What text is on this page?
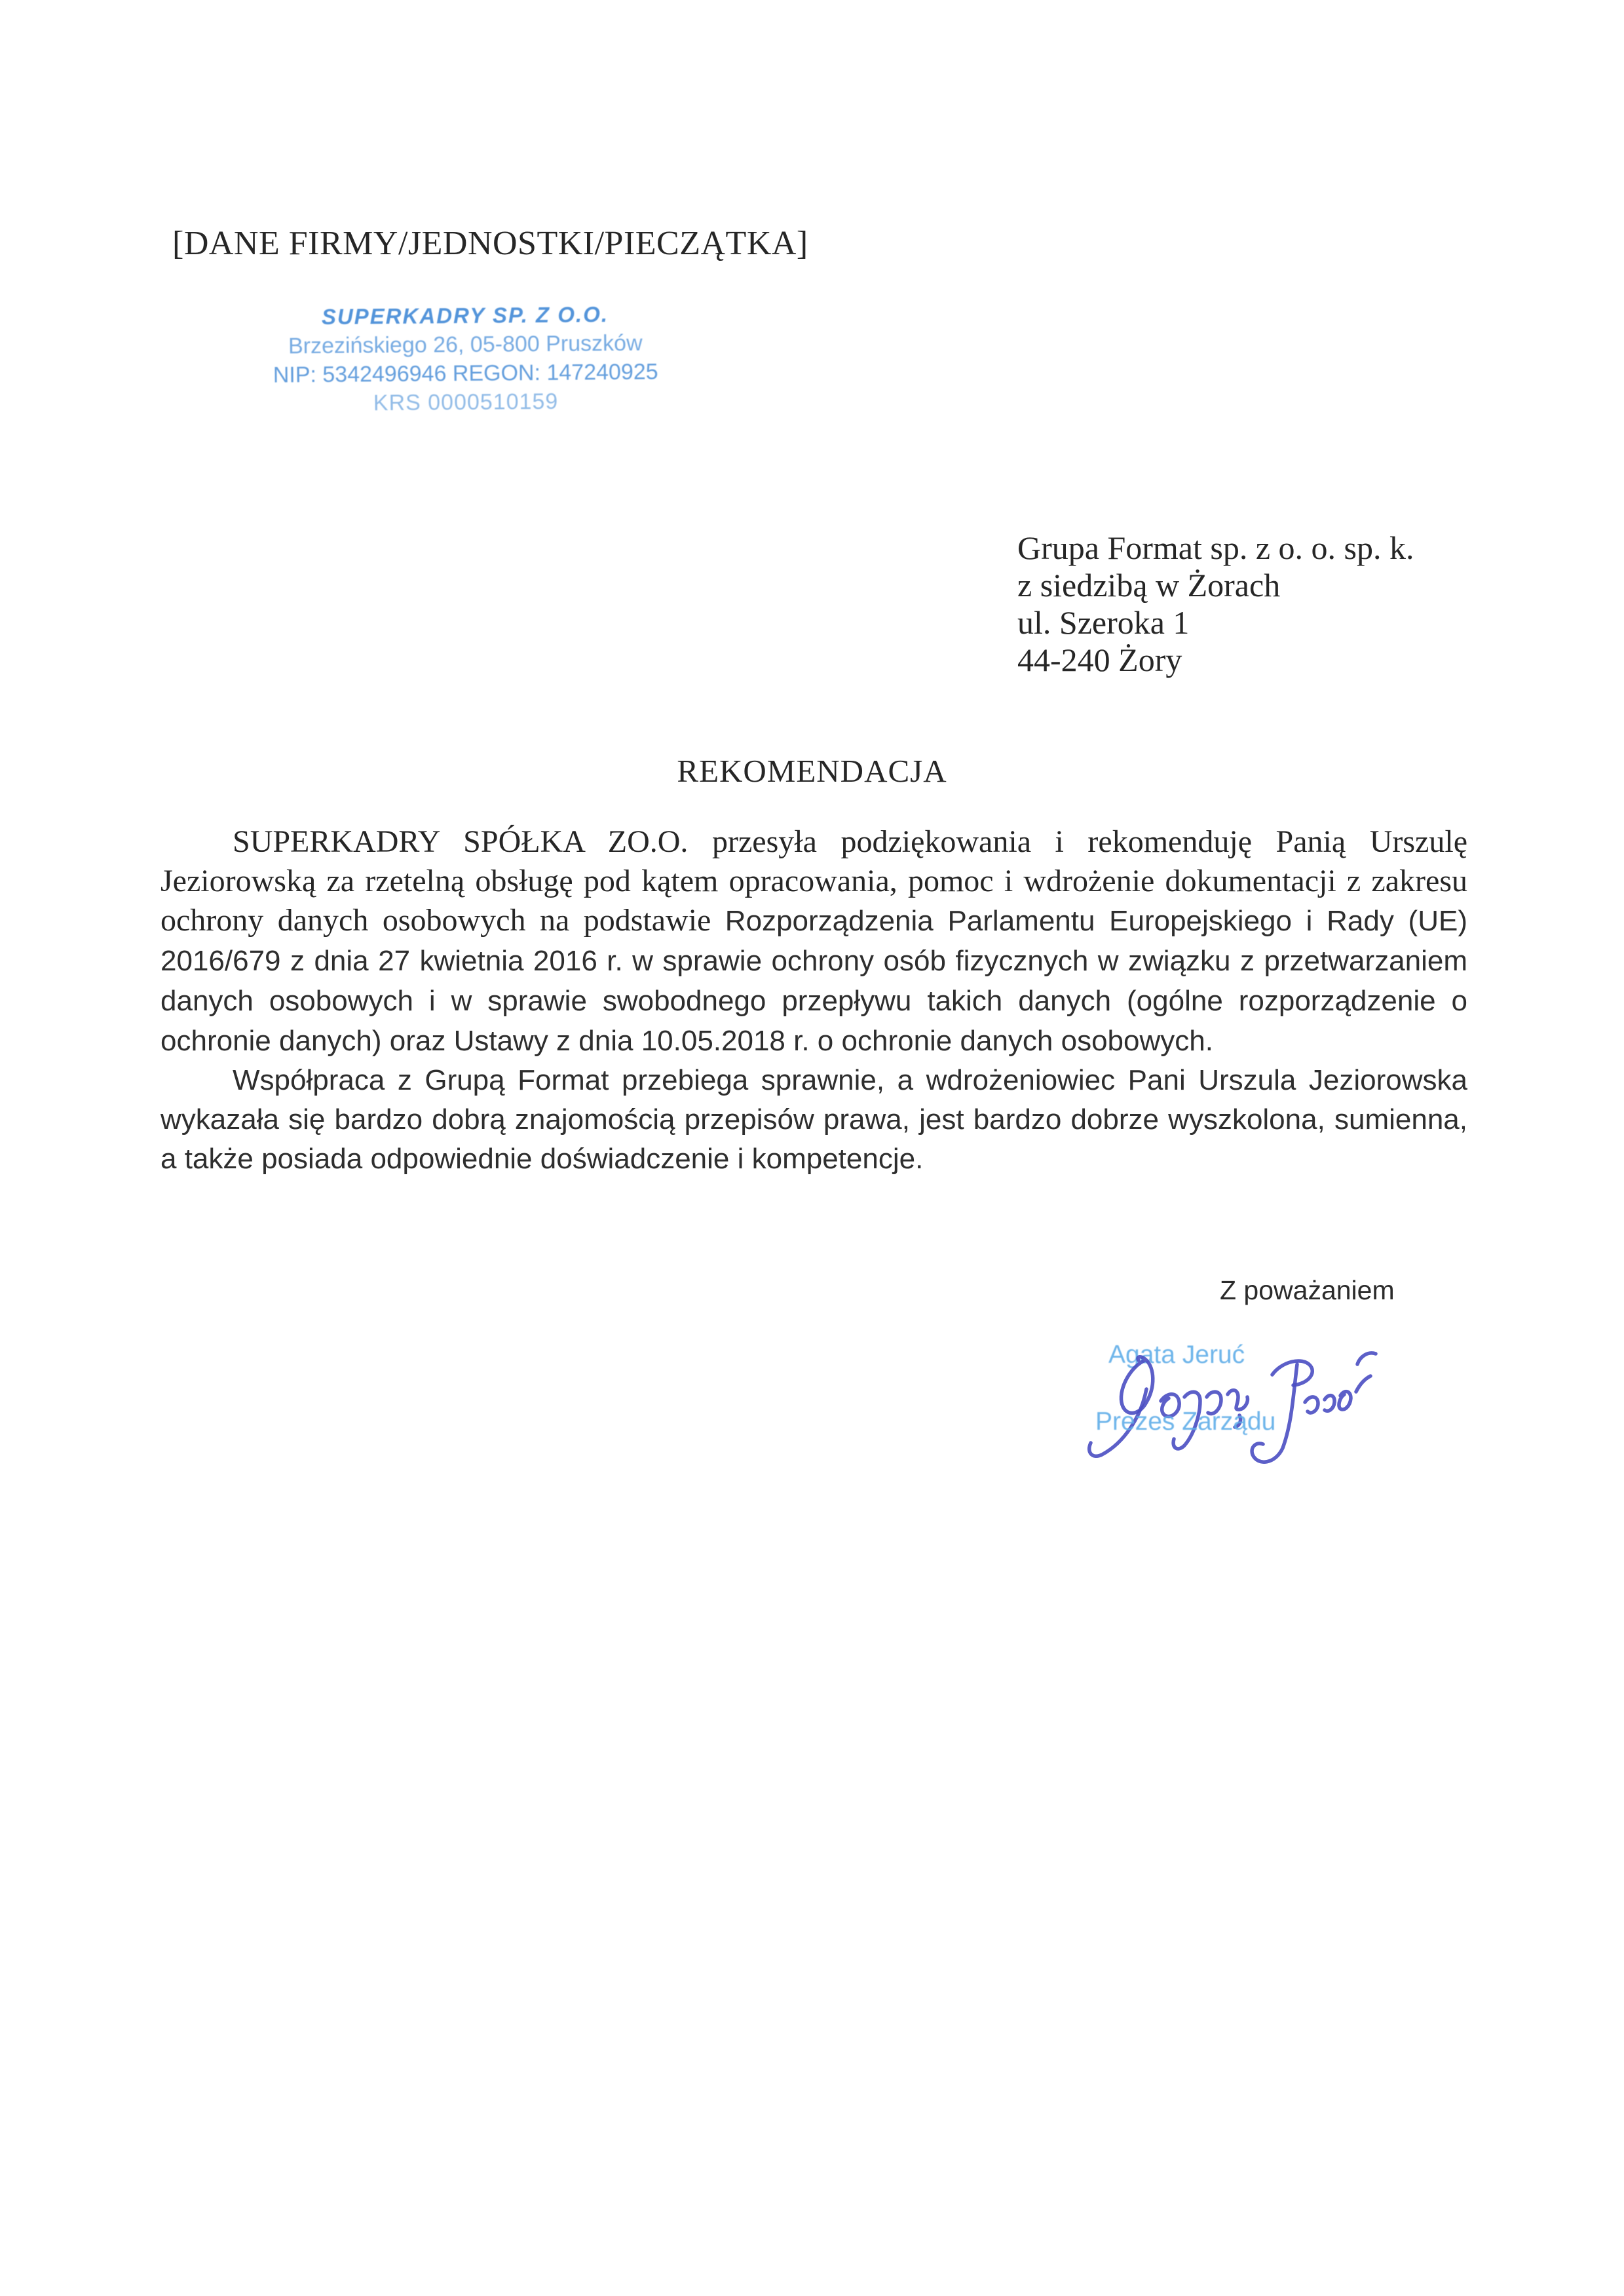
[DANE FIRMY/JEDNOSTKI/PIECZĄTKA]
SUPERKADRY SP. Z O.O.
Brzezińskiego 26, 05-800 Pruszków
NIP: 5342496946 REGON: 147240925
KRS 0000510159
Grupa Format sp. z o. o. sp. k.
z siedzibą w Żorach
ul. Szeroka 1
44-240 Żory
REKOMENDACJA

SUPERKADRY SPÓŁKA ZO.O. przesyła podziękowania i rekomenduję Panią Urszulę Jeziorowską za rzetelną obsługę pod kątem opracowania, pomoc i wdrożenie dokumentacji z zakresu ochrony danych osobowych na podstawie Rozporządzenia Parlamentu Europejskiego i Rady (UE) 2016/679 z dnia 27 kwietnia 2016 r. w sprawie ochrony osób fizycznych w związku z przetwarzaniem danych osobowych i w sprawie swobodnego przepływu takich danych (ogólne rozporządzenie o ochronie danych) oraz Ustawy z dnia 10.05.2018 r. o ochronie danych osobowych.

Współpraca z Grupą Format przebiega sprawnie, a wdrożeniowiec Pani Urszula Jeziorowska wykazała się bardzo dobrą znajomością przepisów prawa, jest bardzo dobrze wyszkolona, sumienna, a także posiada odpowiednie doświadczenie i kompetencje.

Z poważaniem
Agata Jeruć
Prezes Zarządu
